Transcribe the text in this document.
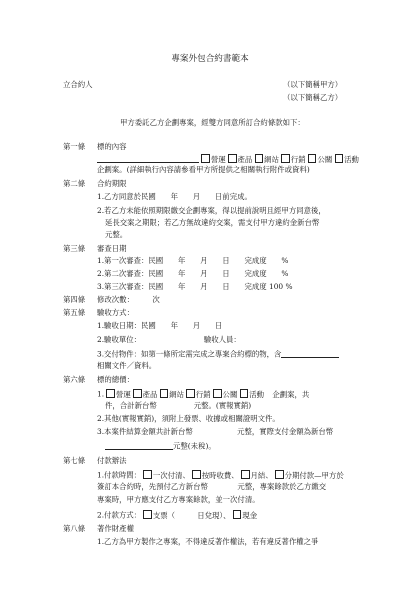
專案外包合約書範本
立合約人	（以下簡稱甲方）
（以下簡稱乙方）
甲方委託乙方企劃專案，經雙方同意所訂合約條款如下：
第一條 標的內容
營運 產品 網站 行銷 公關 活動
企劃案。(詳細執行內容請參看甲方所提供之相關執行附件或資料)
第二條 合約期限
1.乙方同意於民國　　年　　月　　日前完成。
2.若乙方未能依照期限繳交企劃專案，得以提前說明且經甲方同意後，
延長交案之期限；若乙方無故違約交案，需支付甲方違約金新台幣
元整。
第三條 審查日期
1.第一次審查：民國　　年　　月　　日　　完成度　　%
2.第二次審查：民國　　年　　月　　日　　完成度　　%
3.第三次審查：民國　　年　　月　　日　　完成度 100 %
第四條 修改次數：　　　次
第五條 驗收方式：
1.驗收日期：民國　　年　　月　　日
2.驗收單位：　　　　　　　　　驗收人員：
3.交付物件：如第一條所定需完成之專案合約標的物，含
相關文件／資料。
第六條 標的總價：
1. 營運 產品 網站 行銷 公關 活動 企劃案，共
件，合計新台幣　　　　　元整。(實報實銷)
2.其他(實報實銷)，須附上發票、收據或相關證明文件。
3.本案件結算金額共計新台幣　　　　　　元整，實際支付金額為新台幣
元整(未稅)。
第七條 付款辦法
1.付款時間： 一次付清、 按時收費、 月結、 分期付款—甲方於
簽訂本合約時，先預付乙方新台幣　　　　元整，專案餘款於乙方繳交
專案時，甲方應支付乙方專案餘款，並一次付清。
2.付款方式： 支票（　　　日兌現）、 現金
第八條 著作財產權
1.乙方為甲方製作之專案，不得違反著作權法，若有違反著作權之爭
